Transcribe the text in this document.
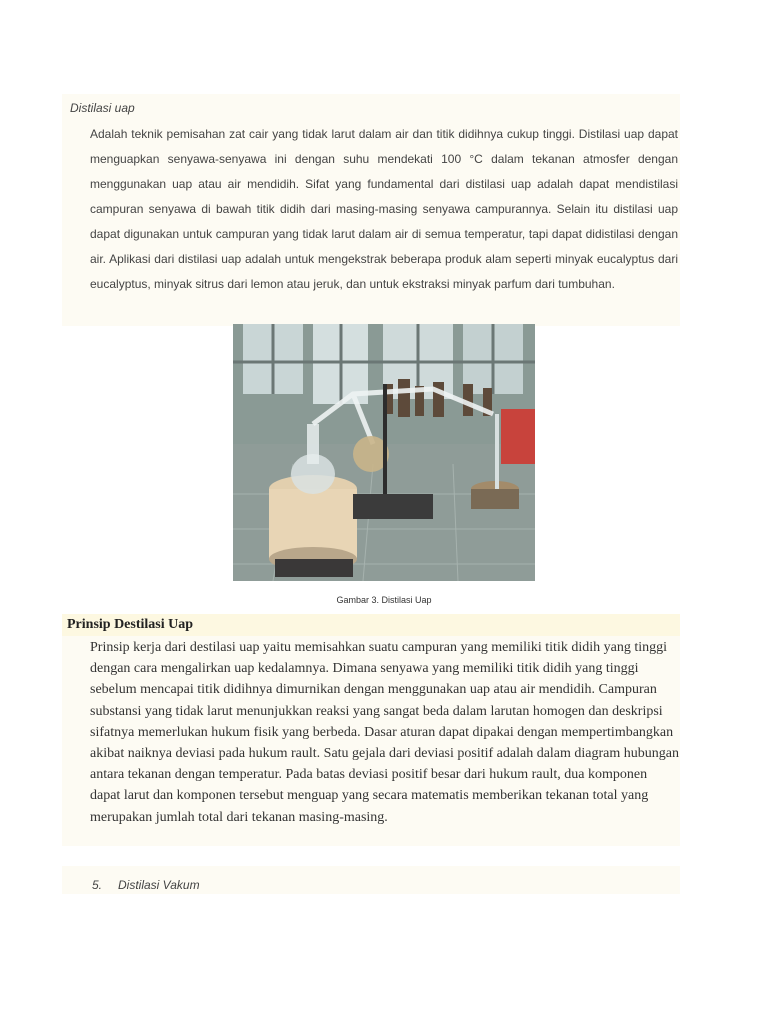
Distilasi uap

Adalah teknik pemisahan zat cair yang tidak larut dalam air dan titik didihnya cukup tinggi. Distilasi uap dapat menguapkan senyawa-senyawa ini dengan suhu mendekati 100 °C dalam tekanan atmosfer dengan menggunakan uap atau air mendidih. Sifat yang fundamental dari distilasi uap adalah dapat mendistilasi campuran senyawa di bawah titik didih dari masing-masing senyawa campurannya. Selain itu distilasi uap dapat digunakan untuk campuran yang tidak larut dalam air di semua temperatur, tapi dapat didistilasi dengan air. Aplikasi dari distilasi uap adalah untuk mengekstrak beberapa produk alam seperti minyak eucalyptus dari eucalyptus, minyak sitrus dari lemon atau jeruk, dan untuk ekstraksi minyak parfum dari tumbuhan.

Gambar 3. Distilasi Uap
Prinsip Destilasi Uap

Prinsip kerja dari destilasi uap yaitu memisahkan suatu campuran yang memiliki titik didih yang tinggi dengan cara mengalirkan uap kedalamnya. Dimana senyawa yang memiliki titik didih yang tinggi sebelum mencapai titik didihnya dimurnikan dengan menggunakan uap atau air mendidih. Campuran substansi yang tidak larut menunjukkan reaksi yang sangat beda dalam larutan homogen dan deskripsi sifatnya memerlukan hukum fisik yang berbeda. Dasar aturan dapat dipakai dengan mempertimbangkan akibat naiknya deviasi pada hukum rault. Satu gejala dari deviasi positif adalah dalam diagram hubungan antara tekanan dengan temperatur. Pada batas deviasi positif besar dari hukum rault, dua komponen dapat larut dan komponen tersebut menguap yang secara matematis memberikan tekanan total yang merupakan jumlah total dari tekanan masing-masing.

5. Distilasi Vakum
